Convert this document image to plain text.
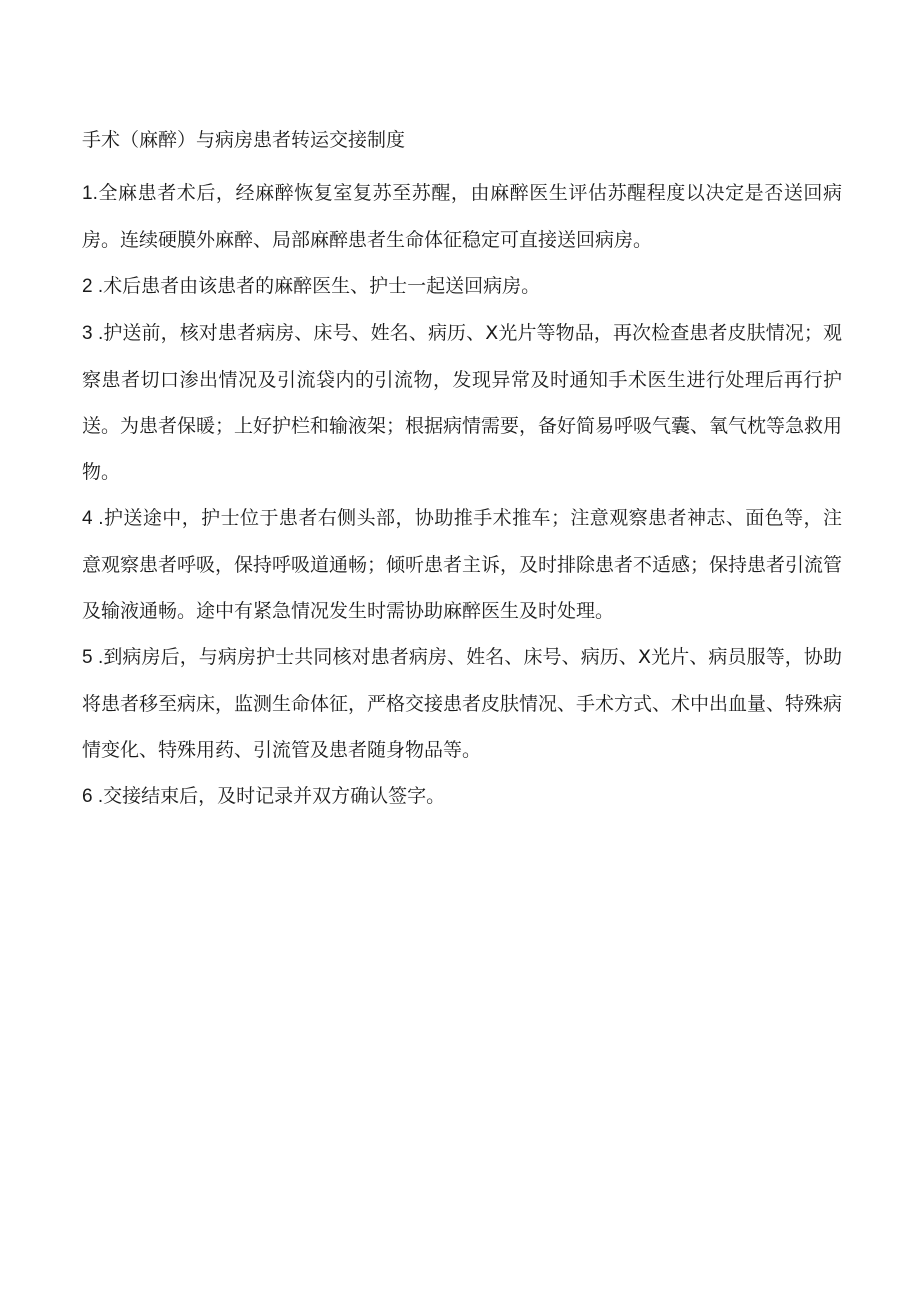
手术（麻醉）与病房患者转运交接制度

1.全麻患者术后，经麻醉恢复室复苏至苏醒，由麻醉医生评估苏醒程度以决定是否送回病房。连续硬膜外麻醉、局部麻醉患者生命体征稳定可直接送回病房。

2 .术后患者由该患者的麻醉医生、护士一起送回病房。

3 .护送前，核对患者病房、床号、姓名、病历、X光片等物品，再次检查患者皮肤情况；观察患者切口渗出情况及引流袋内的引流物，发现异常及时通知手术医生进行处理后再行护送。为患者保暖；上好护栏和输液架；根据病情需要，备好简易呼吸气囊、氧气枕等急救用物。

4 .护送途中，护士位于患者右侧头部，协助推手术推车；注意观察患者神志、面色等，注意观察患者呼吸，保持呼吸道通畅；倾听患者主诉，及时排除患者不适感；保持患者引流管及输液通畅。途中有紧急情况发生时需协助麻醉医生及时处理。

5 .到病房后，与病房护士共同核对患者病房、姓名、床号、病历、X光片、病员服等，协助将患者移至病床，监测生命体征，严格交接患者皮肤情况、手术方式、术中出血量、特殊病情变化、特殊用药、引流管及患者随身物品等。

6 .交接结束后，及时记录并双方确认签字。
